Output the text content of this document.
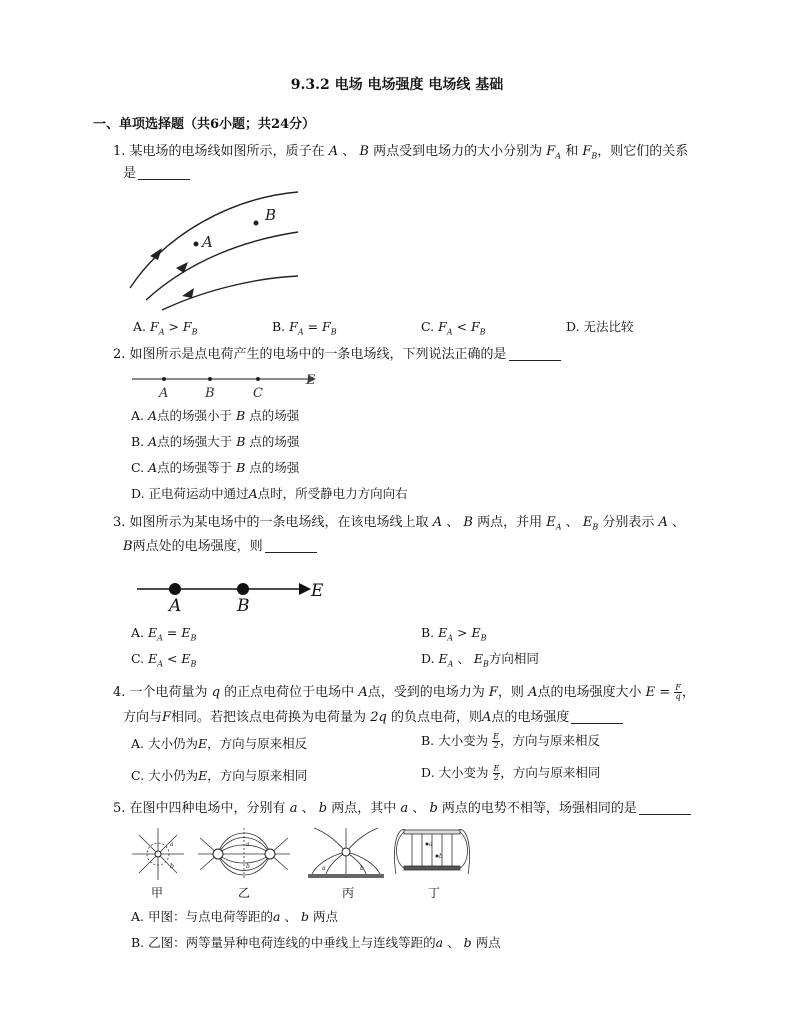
9.3.2 电场 电场强度 电场线 基础
一、单项选择题（共6小题；共24分）
1. 某电场的电场线如图所示，质子在 A 、 B 两点受到电场力的大小分别为 $F_A$ 和 $F_B$，则它们的关系
是
A
B
A. $F_A > F_B$	B. $F_A = F_B$	C. $F_A < F_B$	D. 无法比较
2. 如图所示是点电荷产生的电场中的一条电场线，下列说法正确的是
A	B	C
E
A. A点的场强小于 B 点的场强
B. A点的场强大于 B 点的场强
C. A点的场强等于 B 点的场强
D. 正电荷运动中通过A点时，所受静电力方向向右
3. 如图所示为某电场中的一条电场线，在该电场线上取 A 、 B 两点，并用 $E_A$ 、 $E_B$ 分别表示 A 、
B两点处的电场强度，则
A	B
E
A. $E_A = E_B$	B. $E_A > E_B$
C. $E_A < E_B$	D. $E_A$ 、 $E_B$方向相同
4. 一个电荷量为 q 的正点电荷位于电场中 A点，受到的电场力为 F，则 A点的电场强度大小 $E = \frac{F}{q}$ ，
方向与F相同。若把该点电荷换为电荷量为 2q 的负点电荷，则A点的电场强度
A. 大小仍为E，方向与原来相反	B. 大小变为 $\frac{E}{2}$ ，方向与原来相反
C. 大小仍为E，方向与原来相同	D. 大小变为 $\frac{E}{2}$ ，方向与原来相同
5. 在图中四种电场中，分别有 a 、 b 两点，其中 a 、 b 两点的电势不相等，场强相同的是
a
b
a
b	a	b
a
b
甲	乙	丙	丁
A. 甲图：与点电荷等距的a 、 b 两点
B. 乙图：两等量异种电荷连线的中垂线上与连线等距的a 、 b 两点
